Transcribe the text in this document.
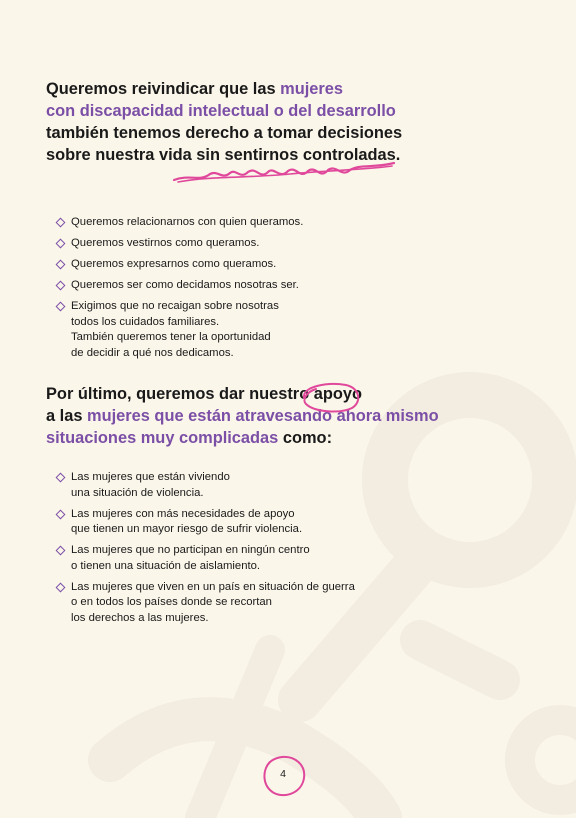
Queremos reivindicar que las mujeres
con discapacidad intelectual o del desarrollo
también tenemos derecho a tomar decisiones sobre nuestra vida sin sentirnos controladas.

Queremos relacionarnos con quien queramos.
Queremos vestirnos como queramos.
Queremos expresarnos como queramos.
Queremos ser como decidamos nosotras ser.
Exigimos que no recaigan sobre nosotras
todos los cuidados familiares.
También queremos tener la oportunidad
de decidir a qué nos dedicamos.

Por último, queremos dar nuestro apoyo
a las mujeres que están atravesando ahora mismo situaciones muy complicadas como:

Las mujeres que están viviendo
una situación de violencia.
Las mujeres con más necesidades de apoyo
que tienen un mayor riesgo de sufrir violencia.
Las mujeres que no participan en ningún centro
o tienen una situación de aislamiento.
Las mujeres que viven en un país en situación de guerra
o en todos los países donde se recortan
los derechos a las mujeres.
4
